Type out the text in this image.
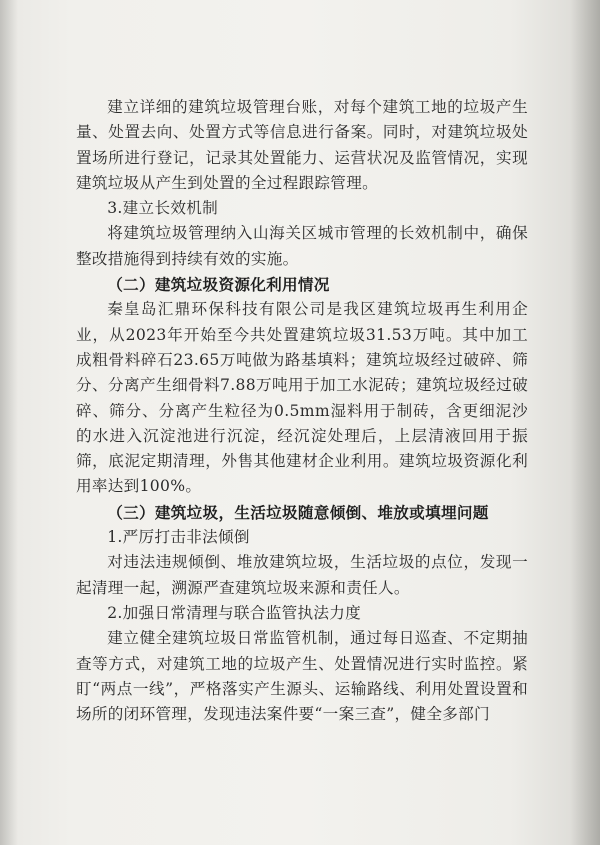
建立详细的建筑垃圾管理台账，对每个建筑工地的垃圾产生量、处置去向、处置方式等信息进行备案。同时，对建筑垃圾处置场所进行登记，记录其处置能力、运营状况及监管情况，实现建筑垃圾从产生到处置的全过程跟踪管理。

3.建立长效机制

将建筑垃圾管理纳入山海关区城市管理的长效机制中，确保整改措施得到持续有效的实施。

（二）建筑垃圾资源化利用情况

秦皇岛汇鼎环保科技有限公司是我区建筑垃圾再生利用企业，从2023年开始至今共处置建筑垃圾31.53万吨。其中加工成粗骨料碎石23.65万吨做为路基填料；建筑垃圾经过破碎、筛分、分离产生细骨料7.88万吨用于加工水泥砖；建筑垃圾经过破碎、筛分、分离产生粒径为0.5mm湿料用于制砖，含更细泥沙的水进入沉淀池进行沉淀，经沉淀处理后，上层清液回用于振筛，底泥定期清理，外售其他建材企业利用。建筑垃圾资源化利用率达到100%。

（三）建筑垃圾，生活垃圾随意倾倒、堆放或填埋问题

1.严厉打击非法倾倒

对违法违规倾倒、堆放建筑垃圾，生活垃圾的点位，发现一起清理一起，溯源严查建筑垃圾来源和责任人。

2.加强日常清理与联合监管执法力度

建立健全建筑垃圾日常监管机制，通过每日巡查、不定期抽查等方式，对建筑工地的垃圾产生、处置情况进行实时监控。紧盯“两点一线”，严格落实产生源头、运输路线、利用处置设置和场所的闭环管理，发现违法案件要“一案三查”，健全多部门
